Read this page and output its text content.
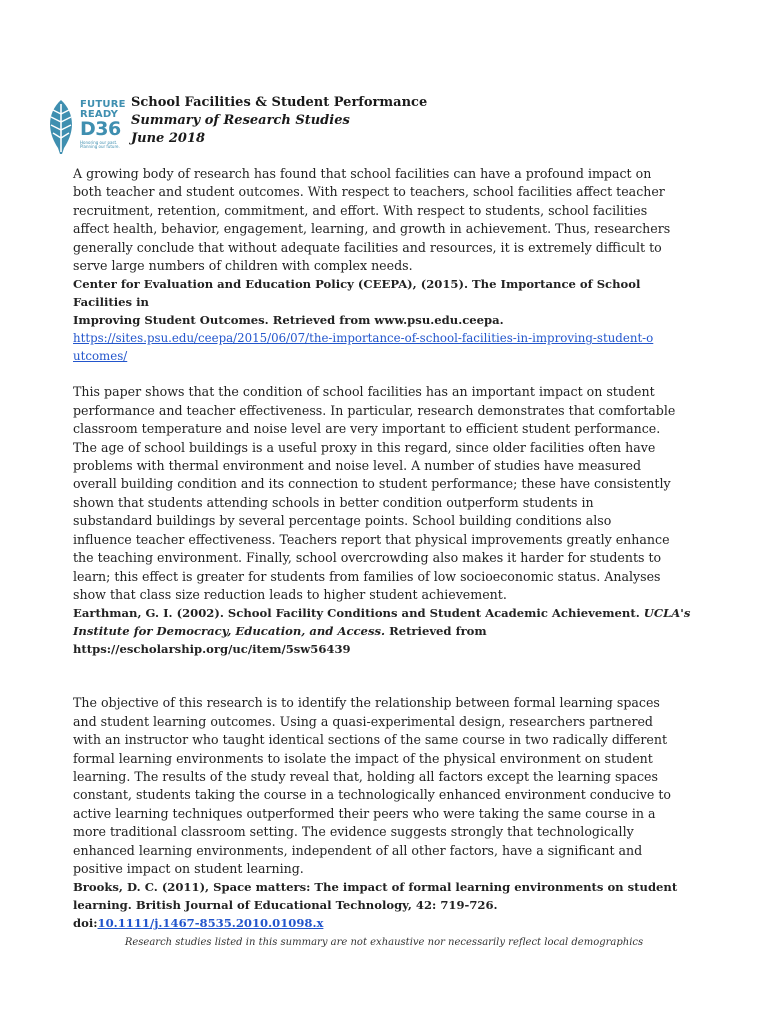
FUTURE
READY
D36
Honoring our past.
Planning our future.
School Facilities & Student Performance
Summary of Research Studies
June 2018

A growing body of research has found that school facilities can have a profound impact on
both teacher and student outcomes. With respect to teachers, school facilities affect teacher
recruitment, retention, commitment, and effort. With respect to students, school facilities
affect health, behavior, engagement, learning, and growth in achievement. Thus, researchers
generally conclude that without adequate facilities and resources, it is extremely difficult to
serve large numbers of children with complex needs.

Center for Evaluation and Education Policy (CEEPA), (2015). The Importance of School Facilities in
Improving Student Outcomes. Retrieved from www.psu.edu.ceepa.

https://sites.psu.edu/ceepa/2015/06/07/the-importance-of-school-facilities-in-improving-student-o
utcomes/

This paper shows that the condition of school facilities has an important impact on student
performance and teacher effectiveness. In particular, research demonstrates that comfortable
classroom temperature and noise level are very important to efficient student performance.
The age of school buildings is a useful proxy in this regard, since older facilities often have
problems with thermal environment and noise level. A number of studies have measured
overall building condition and its connection to student performance; these have consistently
shown that students attending schools in better condition outperform students in
substandard buildings by several percentage points. School building conditions also
influence teacher effectiveness. Teachers report that physical improvements greatly enhance
the teaching environment. Finally, school overcrowding also makes it harder for students to
learn; this effect is greater for students from families of low socioeconomic status. Analyses
show that class size reduction leads to higher student achievement.

Earthman, G. I. (2002). School Facility Conditions and Student Academic Achievement. UCLA's
Institute for Democracy, Education, and Access. Retrieved from
https://escholarship.org/uc/item/5sw56439

The objective of this research is to identify the relationship between formal learning spaces
and student learning outcomes. Using a quasi-experimental design, researchers partnered
with an instructor who taught identical sections of the same course in two radically different
formal learning environments to isolate the impact of the physical environment on student
learning. The results of the study reveal that, holding all factors except the learning spaces
constant, students taking the course in a technologically enhanced environment conducive to
active learning techniques outperformed their peers who were taking the same course in a
more traditional classroom setting. The evidence suggests strongly that technologically
enhanced learning environments, independent of all other factors, have a significant and
positive impact on student learning.

Brooks, D. C. (2011), Space matters: The impact of formal learning environments on student
learning. British Journal of Educational Technology, 42: 719-726.
doi:10.1111/j.1467-8535.2010.01098.x

Research studies listed in this summary are not exhaustive nor necessarily reflect local demographics
